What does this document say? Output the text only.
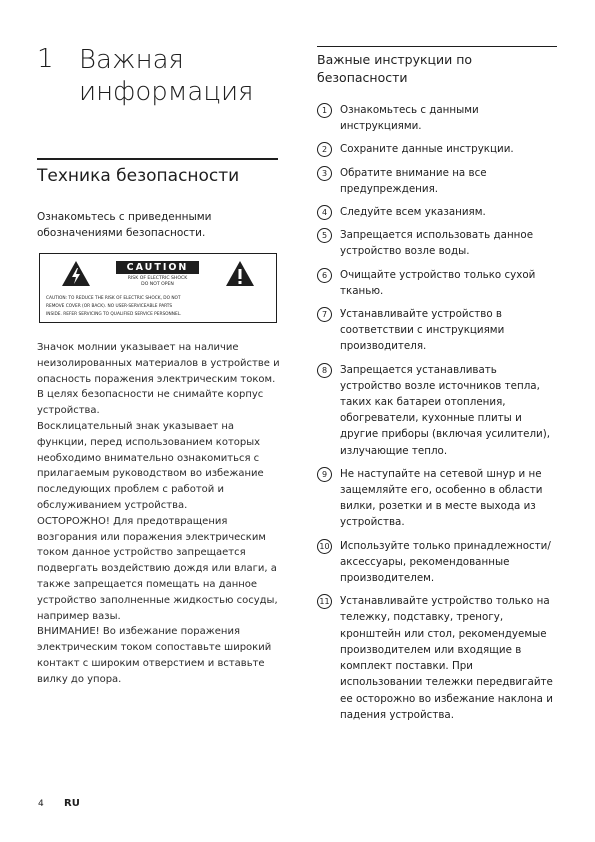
1 Важная информация
Техника безопасности
Ознакомьтесь с приведенными обозначениями безопасности.
CAUTION
RISK OF ELECTRIC SHOCK
DO NOT OPEN
CAUTION: TO REDUCE THE RISK OF ELECTRIC SHOCK, DO NOT
REMOVE COVER (OR BACK). NO USER-SERVICEABLE PARTS
INSIDE. REFER SERVICING TO QUALIFIED SERVICE PERSONNEL.

Значок молнии указывает на наличие неизолированных материалов в устройстве и опасность поражения электрическим током. В целях безопасности не снимайте корпус устройства.

Восклицательный знак указывает на функции, перед использованием которых необходимо внимательно ознакомиться с прилагаемым руководством во избежание последующих проблем с работой и обслуживанием устройства.

ОСТОРОЖНО! Для предотвращения возгорания или поражения электрическим током данное устройство запрещается подвергать воздействию дождя или влаги, а также запрещается помещать на данное устройство заполненные жидкостью сосуды, например вазы.

ВНИМАНИЕ! Во избежание поражения электрическим током сопоставьте широкий контакт с широким отверстием и вставьте вилку до упора.

4 RU
Важные инструкции по безопасности
1	Ознакомьтесь с данными инструкциями.
2	Сохраните данные инструкции.
3	Обратите внимание на все предупреждения.
4	Следуйте всем указаниям.
5	Запрещается использовать данное устройство возле воды.
6	Очищайте устройство только сухой тканью.
7	Устанавливайте устройство в соответствии с инструкциями производителя.
8	Запрещается устанавливать устройство возле источников тепла, таких как батареи отопления, обогреватели, кухонные плиты и другие приборы (включая усилители), излучающие тепло.
9	Не наступайте на сетевой шнур и не защемляйте его, особенно в области вилки, розетки и в месте выхода из устройства.
10 Используйте только принадлежности/аксессуары, рекомендованные производителем.
11 Устанавливайте устройство только на тележку, подставку, треногу, кронштейн или стол, рекомендуемые производителем или входящие в комплект поставки. При использовании тележки передвигайте ее осторожно во избежание наклона и падения устройства.
